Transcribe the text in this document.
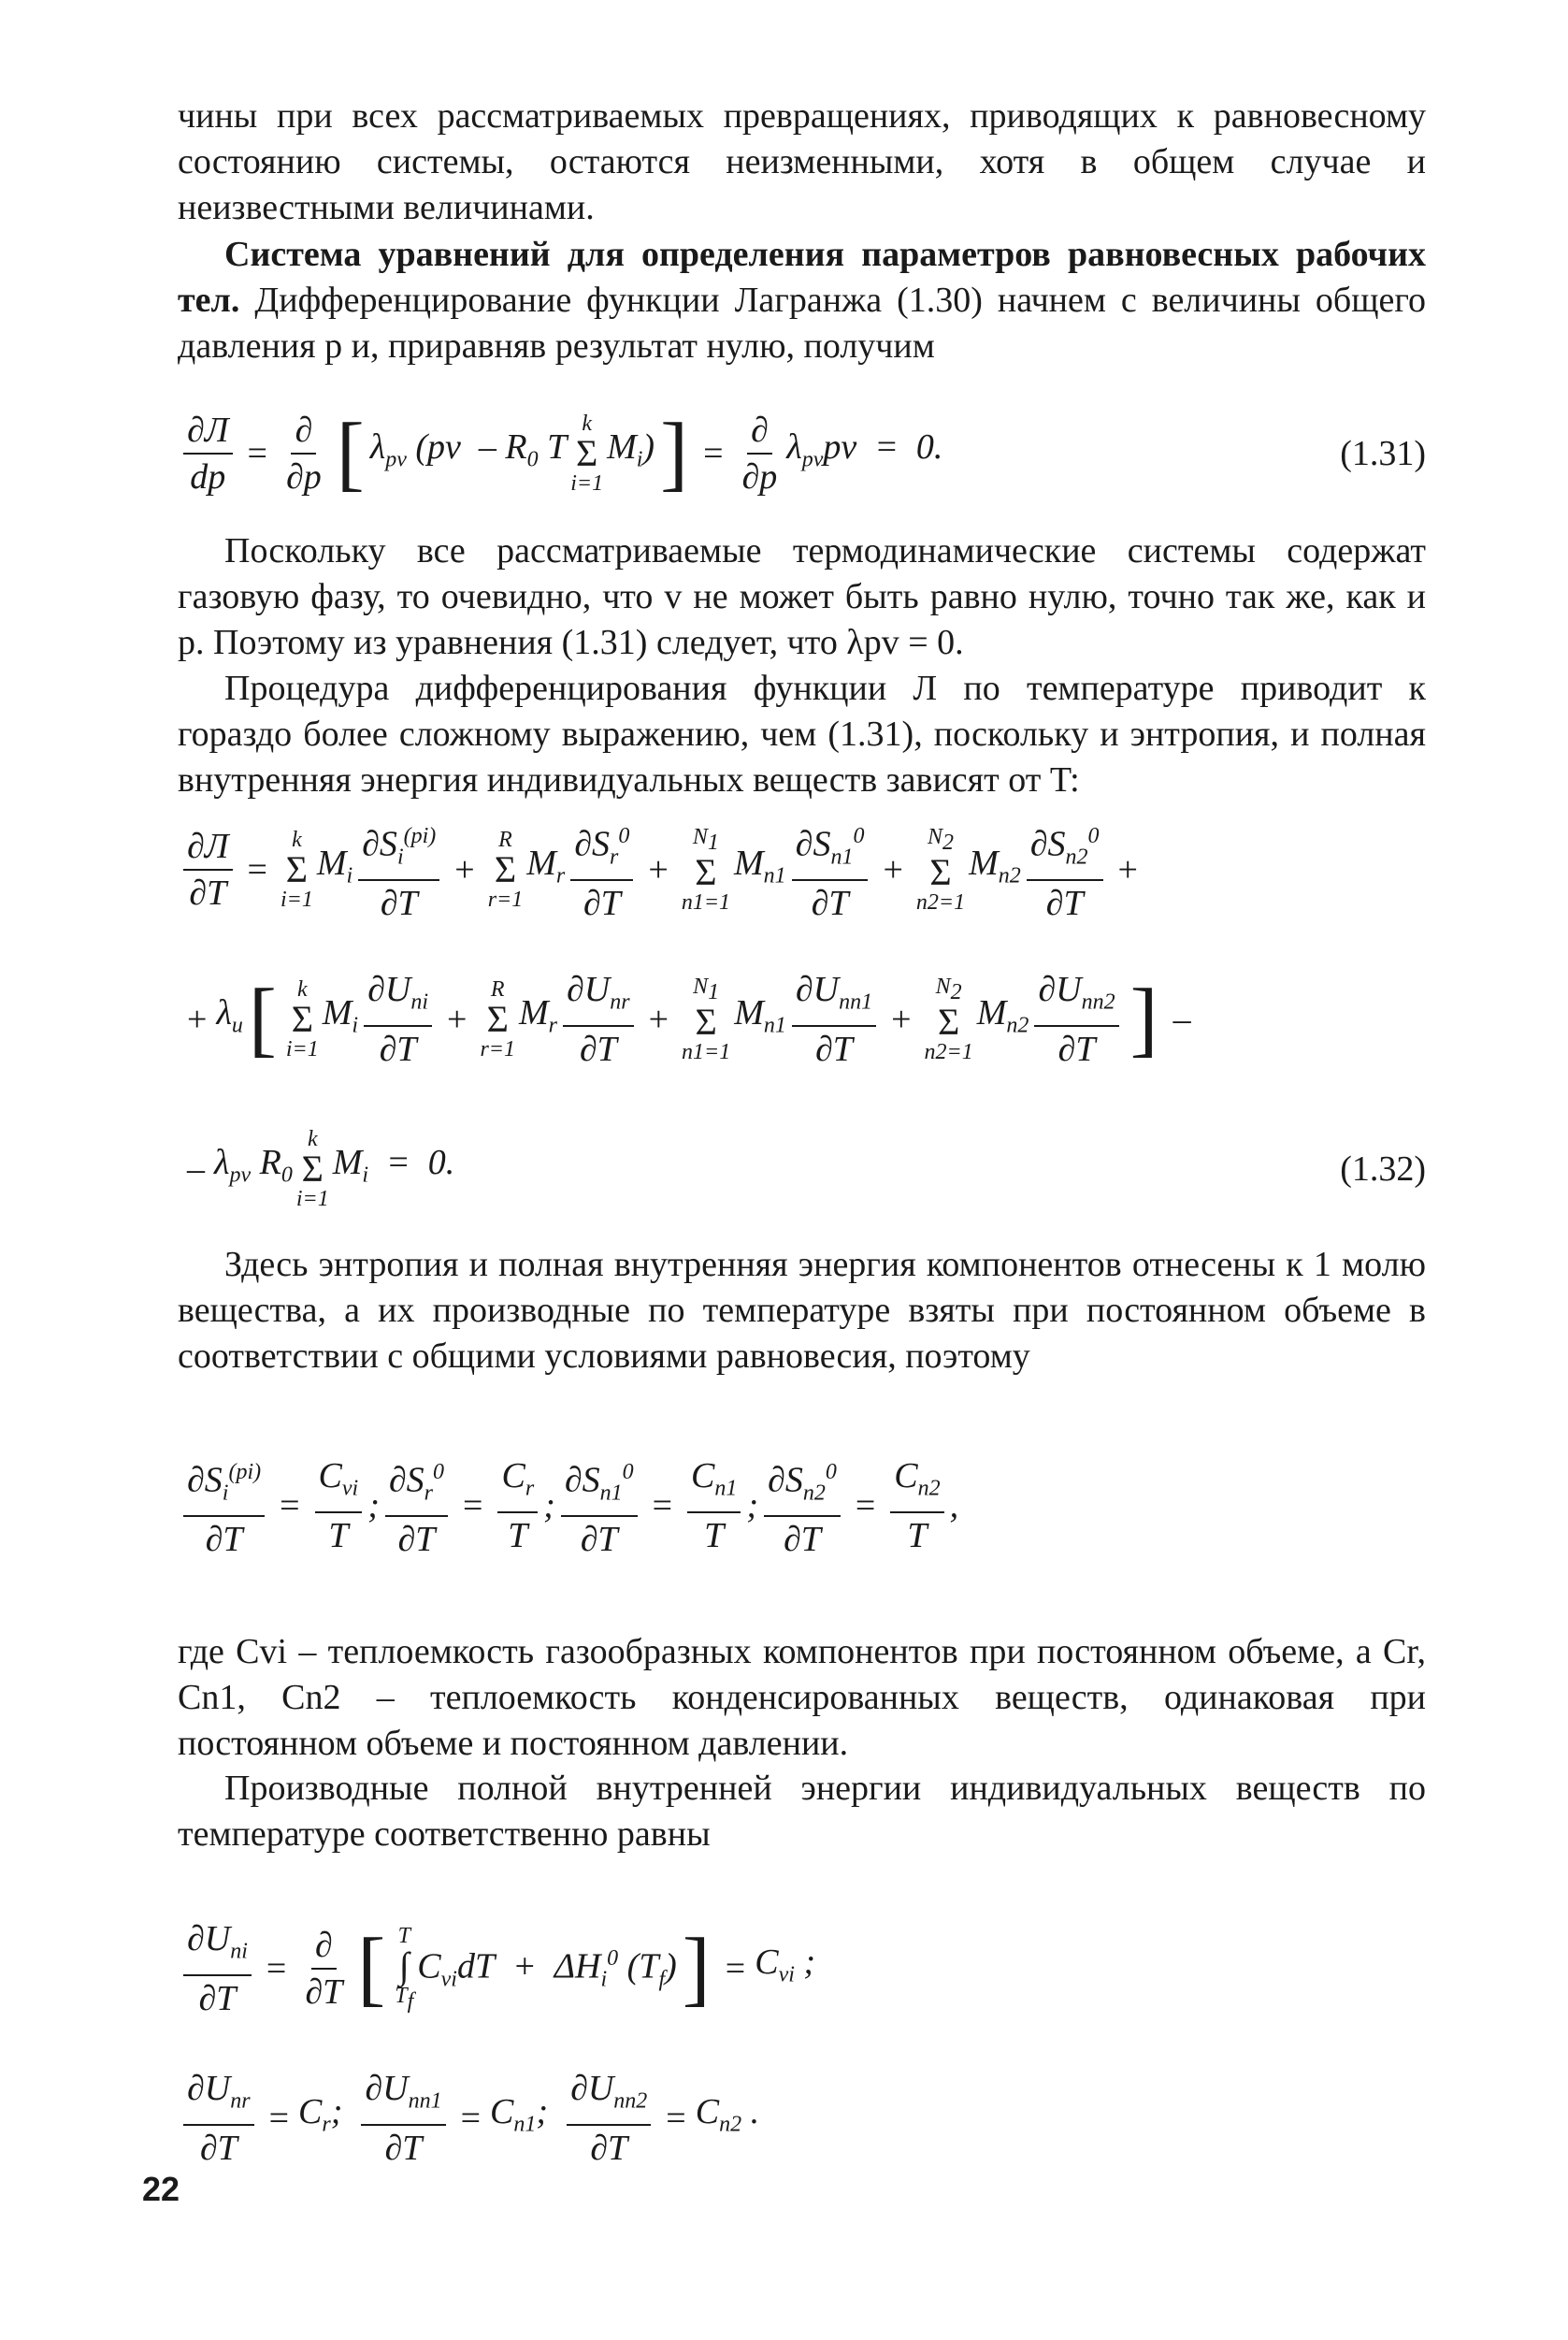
чины при всех рассматриваемых превращениях, приводящих к равновесному состоянию системы, остаются неизменными, хотя в общем случае и неизвестными величинами.
Система уравнений для определения параметров равновесных рабочих тел. Дифференцирование функции Лагранжа (1.30) начнем с величины общего давления p и, приравняв результат нулю, получим
$\frac{\partial Л}{dp} = \frac{\partial}{\partial p}$ [ $\lambda_{pv}$ ($pv - R_0$ T
k
Σ
i=1
$M_i$) ] = $\frac{\partial}{\partial p} \lambda_{pv}pv = 0$.	(1.31)
Поскольку все рассматриваемые термодинамические системы содержат газовую фазу, то очевидно, что v не может быть равно нулю, точно так же, как и p. Поэтому из уравнения (1.31) следует, что λpv = 0.
Процедура дифференцирования функции Л по температуре приводит к гораздо более сложному выражению, чем (1.31), поскольку и энтропия, и полная внутренняя энергия индивидуальных веществ зависят от T:
$\frac{\partial Л}{\partial T}$ =
k
Σ
i=1
$M_i \frac{\partial S_i^{(pi)}}{\partial T}$ +
R
Σ
r=1
$M_r \frac{\partial S_r^0}{\partial T}$ +
$N_1$
Σ
n1=1
$M_{n1} \frac{\partial S_{n1}^0}{\partial T}$ +
$N_2$
Σ
n2=1
$M_{n2} \frac{\partial S_{n2}^0}{\partial T}$ +
+ $\lambda_u$ [ k
Σ
i=1
$M_i \frac{\partial U_{пi}}{\partial T}$ +
R
Σ
r=1
$M_r \frac{\partial U_{пr}}{\partial T}$ +
$N_1$
Σ
n1=1
$M_{n1} \frac{\partial U_{пn1}}{\partial T}$ +
$N_2$
Σ
n2=1
$M_{n2} \frac{\partial U_{пn2}}{\partial T}$ ] –
– $\lambda_{pv}$ $R_0$
k
Σ
i=1
$M_i = 0$.	(1.32)
Здесь энтропия и полная внутренняя энергия компонентов отнесены к 1 молю вещества, а их производные по температуре взяты при постоянном объеме в соответствии с общими условиями равновесия, поэтому
$\frac{\partial S_i^{(pi)}}{\partial T} = \frac{C_{vi}}{T}$ ; $\frac{\partial S_r^0}{\partial T} = \frac{C_r}{T}$ ; $\frac{\partial S_{n1}^0}{\partial T} = \frac{C_{n1}}{T}$ ; $\frac{\partial S_{n2}^0}{\partial T} = \frac{C_{n2}}{T}$ ,
где Cvi – теплоемкость газообразных компонентов при постоянном объеме, а Cr, Cn1, Cn2 – теплоемкость конденсированных веществ, одинаковая при постоянном объеме и постоянном давлении.
Производные полной внутренней энергии индивидуальных веществ по температуре соответственно равны
$\frac{\partial U_{пi}}{\partial T} = \frac{\partial}{\partial T}$ [ T
∫
$T_f$
$C_{vi}dT + \Delta H_i^0$ $(T_f)$ ] = $C_{vi}$ ;
$\frac{\partial U_{пr}}{\partial T} = C_r$; $\frac{\partial U_{пn1}}{\partial T} = C_{n1}$; $\frac{\partial U_{пn2}}{\partial T} = C_{n2}$ .
22
